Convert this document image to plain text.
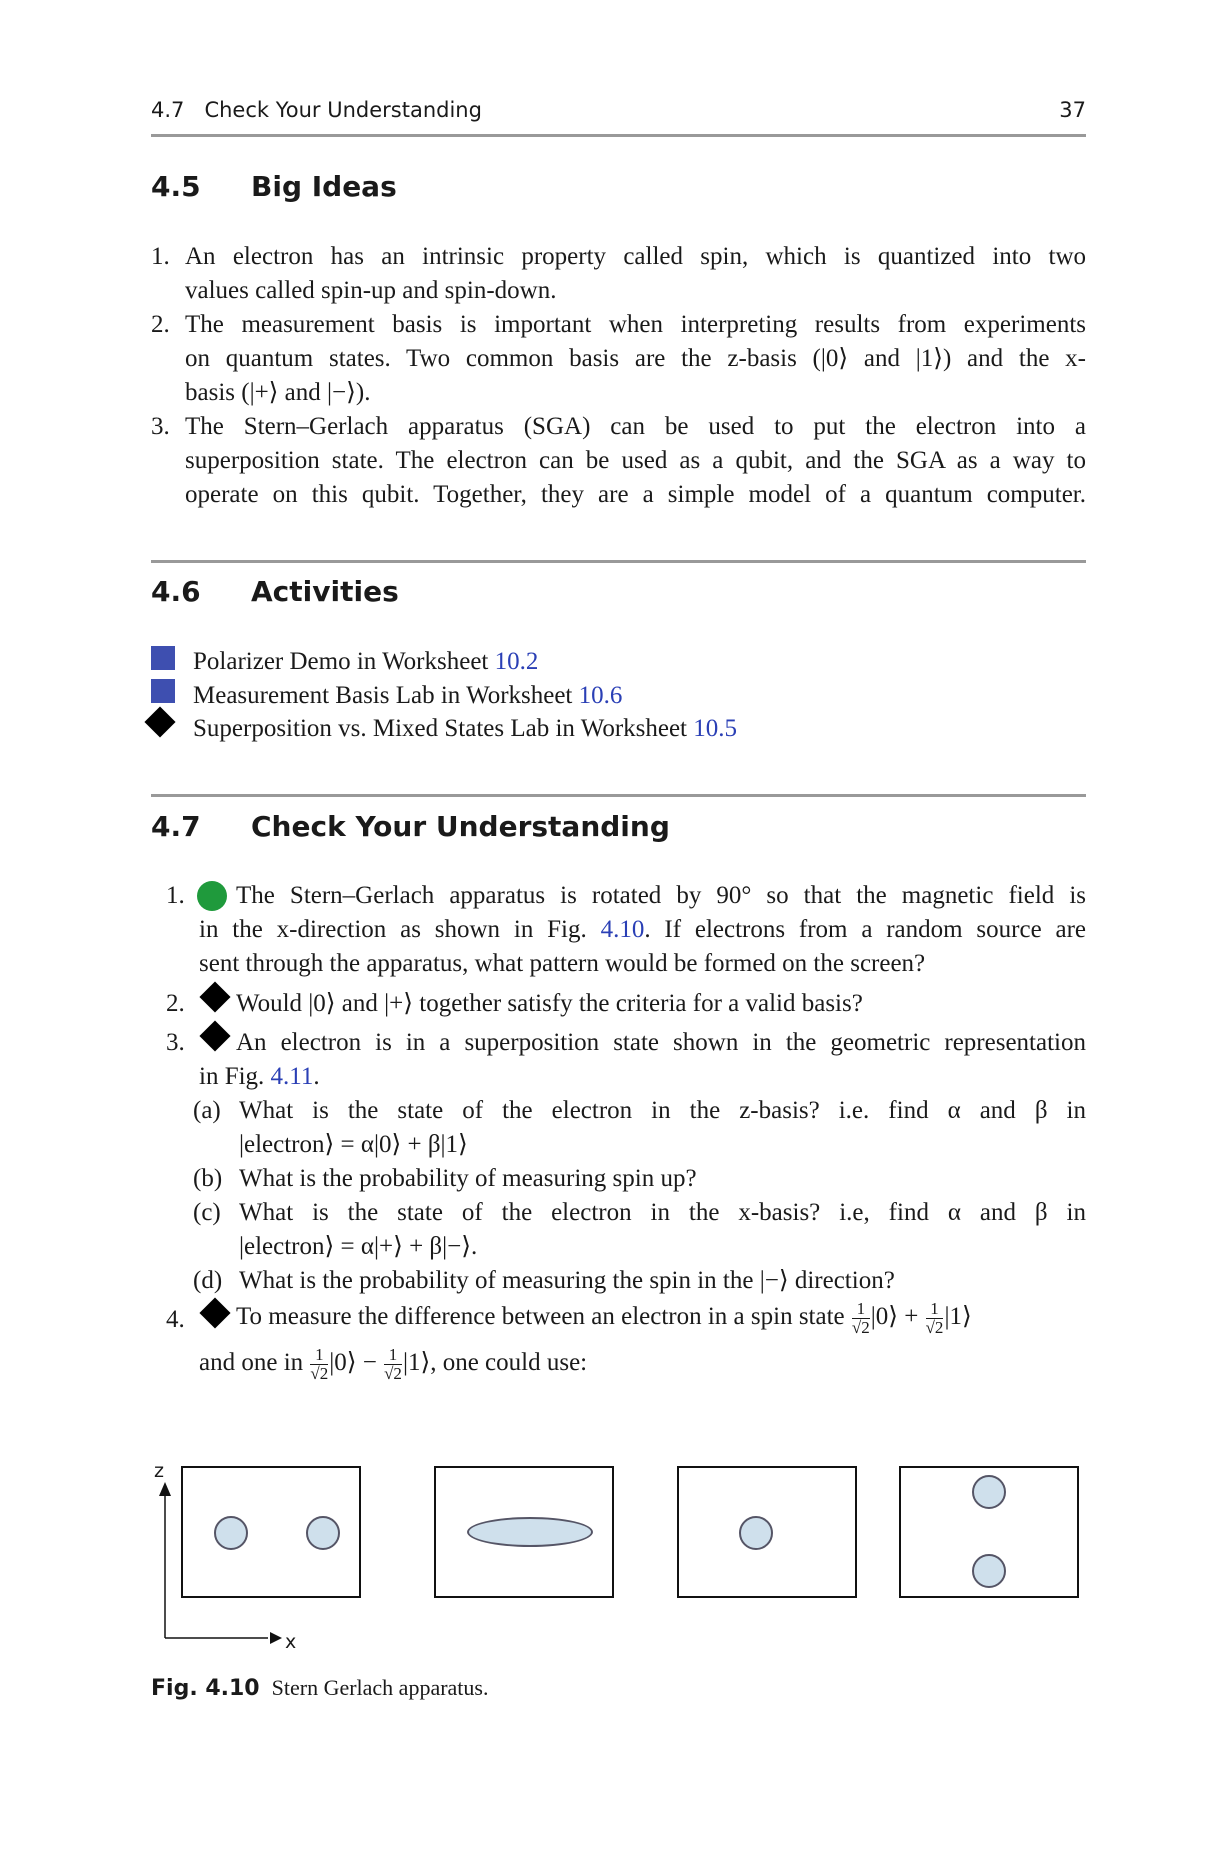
4.7 Check Your Understanding	37
4.5 Big Ideas
1. An electron has an intrinsic property called spin, which is quantized into two
values called spin-up and spin-down.
2. The measurement basis is important when interpreting results from experiments
on quantum states. Two common basis are the z-basis (|0⟩ and |1⟩) and the x-
basis (|+⟩ and |−⟩).
3. The Stern–Gerlach apparatus (SGA) can be used to put the electron into a
superposition state. The electron can be used as a qubit, and the SGA as a way to
operate on this qubit. Together, they are a simple model of a quantum computer.
4.6 Activities
Polarizer Demo in Worksheet 10.2
Measurement Basis Lab in Worksheet 10.6
Superposition vs. Mixed States Lab in Worksheet 10.5
4.7 Check Your Understanding
1. The Stern–Gerlach apparatus is rotated by 90° so that the magnetic field is
in the x-direction as shown in Fig. 4.10. If electrons from a random source are
sent through the apparatus, what pattern would be formed on the screen?
2. Would |0⟩ and |+⟩ together satisfy the criteria for a valid basis?
3. An electron is in a superposition state shown in the geometric representation
in Fig. 4.11.
(a) What is the state of the electron in the z-basis? i.e. find α and β in
|electron⟩ = α|0⟩ + β|1⟩
(b) What is the probability of measuring spin up?
(c) What is the state of the electron in the x-basis? i.e, find α and β in
|electron⟩ = α|+⟩ + β|−⟩.
(d) What is the probability of measuring the spin in the |−⟩ direction?
4. To measure the difference between an electron in a spin state $\frac{1}{√2}$ |0⟩ + $\frac{1}{√2}$ |1⟩
and one in $\frac{1}{√2}$ |0⟩ − $\frac{1}{√2}$ |1⟩, one could use:
z
x
Fig. 4.10 Stern Gerlach apparatus.
